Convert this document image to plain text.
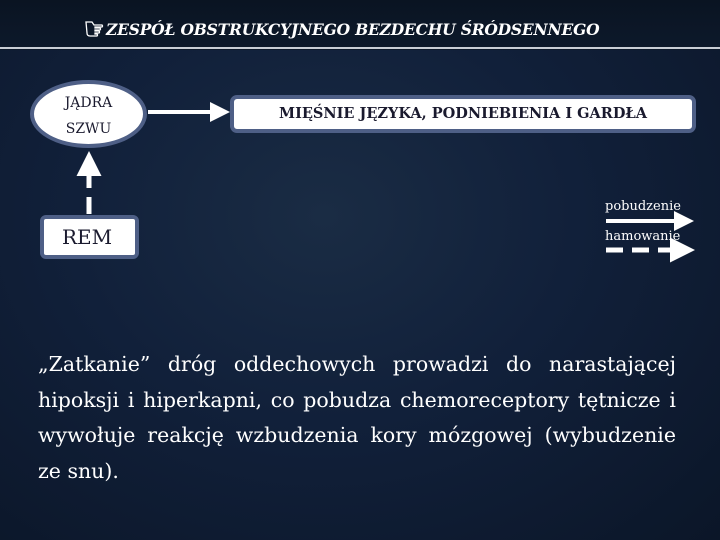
ZESPÓŁ OBSTRUKCYJNEGO BEZDECHU ŚRÓDSENNEGO
JĄDRA
SZWU
MIĘŚNIE JĘZYKA, PODNIEBIENIA I GARDŁA
REM
pobudzenie
hamowanie
„Zatkanie” dróg oddechowych prowadzi do narastającej hipoksji i hiperkapni, co pobudza chemoreceptory tętnicze i wywołuje reakcję wzbudzenia kory mózgowej (wybudzenie ze snu).
